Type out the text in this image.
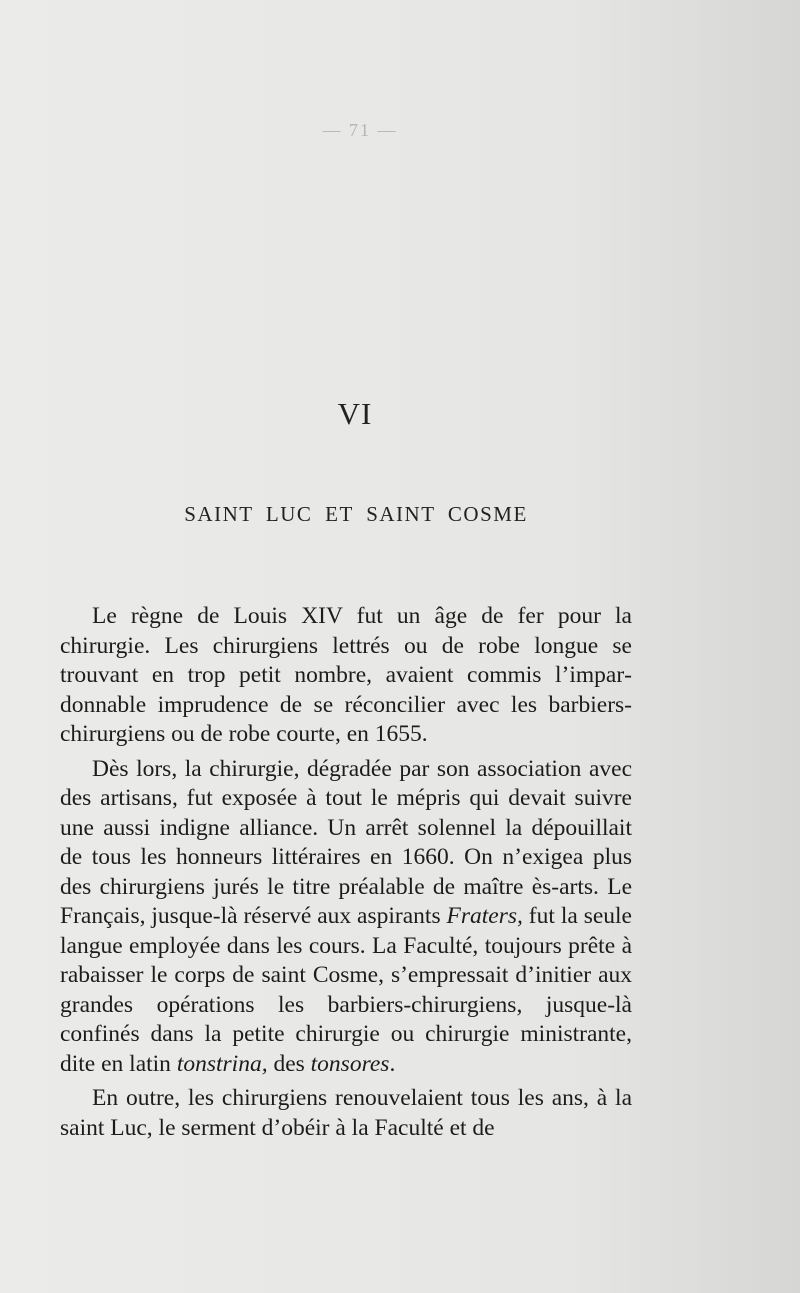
— 71 —
VI
SAINT LUC ET SAINT COSME

Le règne de Louis XIV fut un âge de fer pour la chirurgie. Les chirurgiens lettrés ou de robe longue se trouvant en trop petit nombre, avaient commis l’impardonnable imprudence de se réconcilier avec les barbiers-chirurgiens ou de robe courte, en 1655.

Dès lors, la chirurgie, dégradée par son association avec des artisans, fut exposée à tout le mépris qui devait suivre une aussi indigne alliance. Un arrêt solennel la dépouillait de tous les honneurs littéraires en 1660. On n’exigea plus des chirurgiens jurés le titre préalable de maître ès-arts. Le Français, jusque-là réservé aux aspirants Fraters, fut la seule langue employée dans les cours. La Faculté, toujours prête à rabaisser le corps de saint Cosme, s’empressait d’initier aux grandes opérations les barbiers-chirurgiens, jusque-là confinés dans la petite chirurgie ou chirurgie ministrante, dite en latin tonstrina, des tonsores.

En outre, les chirurgiens renouvelaient tous les ans, à la saint Luc, le serment d’obéir à la Faculté et de
